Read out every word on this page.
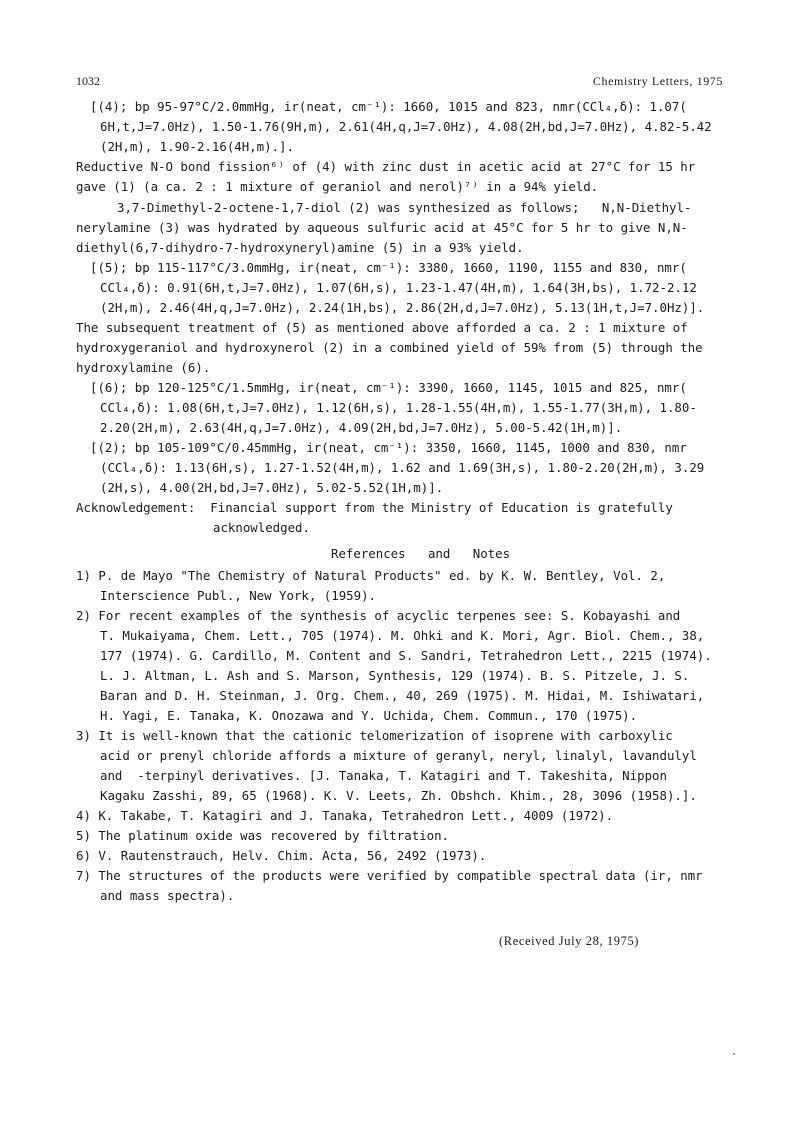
1032	Chemistry Letters, 1975
[(4); bp 95-97°C/2.0mmHg, ir(neat, cm⁻¹): 1660, 1015 and 823, nmr(CCl₄,δ): 1.07(
6H,t,J=7.0Hz), 1.50-1.76(9H,m), 2.61(4H,q,J=7.0Hz), 4.08(2H,bd,J=7.0Hz), 4.82-5.42
(2H,m), 1.90-2.16(4H,m).].
Reductive N-O bond fission⁶⁾ of (4) with zinc dust in acetic acid at 27°C for 15 hr
gave (1) (a ca. 2 : 1 mixture of geraniol and nerol)⁷⁾ in a 94% yield.
3,7-Dimethyl-2-octene-1,7-diol (2) was synthesized as follows;   N,N-Diethyl-
nerylamine (3) was hydrated by aqueous sulfuric acid at 45°C for 5 hr to give N,N-
diethyl(6,7-dihydro-7-hydroxyneryl)amine (5) in a 93% yield.
[(5); bp 115-117°C/3.0mmHg, ir(neat, cm⁻¹): 3380, 1660, 1190, 1155 and 830, nmr(
CCl₄,δ): 0.91(6H,t,J=7.0Hz), 1.07(6H,s), 1.23-1.47(4H,m), 1.64(3H,bs), 1.72-2.12
(2H,m), 2.46(4H,q,J=7.0Hz), 2.24(1H,bs), 2.86(2H,d,J=7.0Hz), 5.13(1H,t,J=7.0Hz)].
The subsequent treatment of (5) as mentioned above afforded a ca. 2 : 1 mixture of
hydroxygeraniol and hydroxynerol (2) in a combined yield of 59% from (5) through the
hydroxylamine (6).
[(6); bp 120-125°C/1.5mmHg, ir(neat, cm⁻¹): 3390, 1660, 1145, 1015 and 825, nmr(
CCl₄,δ): 1.08(6H,t,J=7.0Hz), 1.12(6H,s), 1.28-1.55(4H,m), 1.55-1.77(3H,m), 1.80-
2.20(2H,m), 2.63(4H,q,J=7.0Hz), 4.09(2H,bd,J=7.0Hz), 5.00-5.42(1H,m)].
[(2); bp 105-109°C/0.45mmHg, ir(neat, cm⁻¹): 3350, 1660, 1145, 1000 and 830, nmr
(CCl₄,δ): 1.13(6H,s), 1.27-1.52(4H,m), 1.62 and 1.69(3H,s), 1.80-2.20(2H,m), 3.29
(2H,s), 4.00(2H,bd,J=7.0Hz), 5.02-5.52(1H,m)].
Acknowledgement:  Financial support from the Ministry of Education is gratefully
acknowledged.
References   and   Notes
1) P. de Mayo "The Chemistry of Natural Products" ed. by K. W. Bentley, Vol. 2,
Interscience Publ., New York, (1959).
2) For recent examples of the synthesis of acyclic terpenes see: S. Kobayashi and
T. Mukaiyama, Chem. Lett., 705 (1974). M. Ohki and K. Mori, Agr. Biol. Chem., 38,
177 (1974). G. Cardillo, M. Content and S. Sandri, Tetrahedron Lett., 2215 (1974).
L. J. Altman, L. Ash and S. Marson, Synthesis, 129 (1974). B. S. Pitzele, J. S.
Baran and D. H. Steinman, J. Org. Chem., 40, 269 (1975). M. Hidai, M. Ishiwatari,
H. Yagi, E. Tanaka, K. Onozawa and Y. Uchida, Chem. Commun., 170 (1975).
3) It is well-known that the cationic telomerization of isoprene with carboxylic
acid or prenyl chloride affords a mixture of geranyl, neryl, linalyl, lavandulyl
and  -terpinyl derivatives. [J. Tanaka, T. Katagiri and T. Takeshita, Nippon
Kagaku Zasshi, 89, 65 (1968). K. V. Leets, Zh. Obshch. Khim., 28, 3096 (1958).].
4) K. Takabe, T. Katagiri and J. Tanaka, Tetrahedron Lett., 4009 (1972).
5) The platinum oxide was recovered by filtration.
6) V. Rautenstrauch, Helv. Chim. Acta, 56, 2492 (1973).
7) The structures of the products were verified by compatible spectral data (ir, nmr
and mass spectra).
(Received July 28, 1975)
